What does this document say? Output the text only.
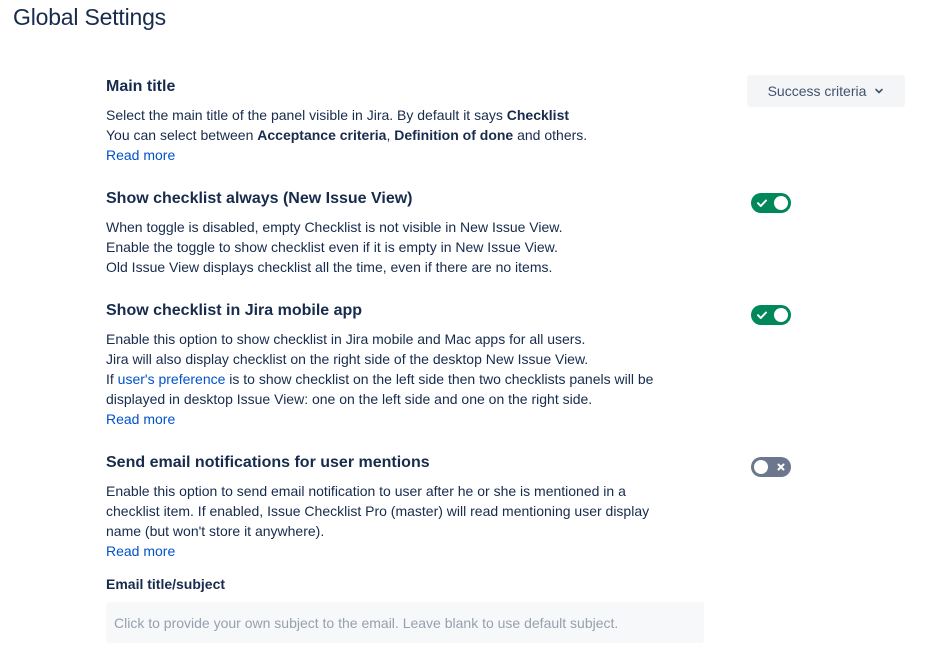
Global Settings
Main title
Select the main title of the panel visible in Jira. By default it says Checklist
You can select between Acceptance criteria, Definition of done and others.
Read more
Success criteria
Show checklist always (New Issue View)
When toggle is disabled, empty Checklist is not visible in New Issue View.
Enable the toggle to show checklist even if it is empty in New Issue View.
Old Issue View displays checklist all the time, even if there are no items.
Show checklist in Jira mobile app
Enable this option to show checklist in Jira mobile and Mac apps for all users.
Jira will also display checklist on the right side of the desktop New Issue View.
If user's preference is to show checklist on the left side then two checklists panels will be
displayed in desktop Issue View: one on the left side and one on the right side.
Read more
Send email notifications for user mentions
Enable this option to send email notification to user after he or she is mentioned in a
checklist item. If enabled, Issue Checklist Pro (master) will read mentioning user display
name (but won't store it anywhere).
Read more
Email title/subject
Click to provide your own subject to the email. Leave blank to use default subject.
